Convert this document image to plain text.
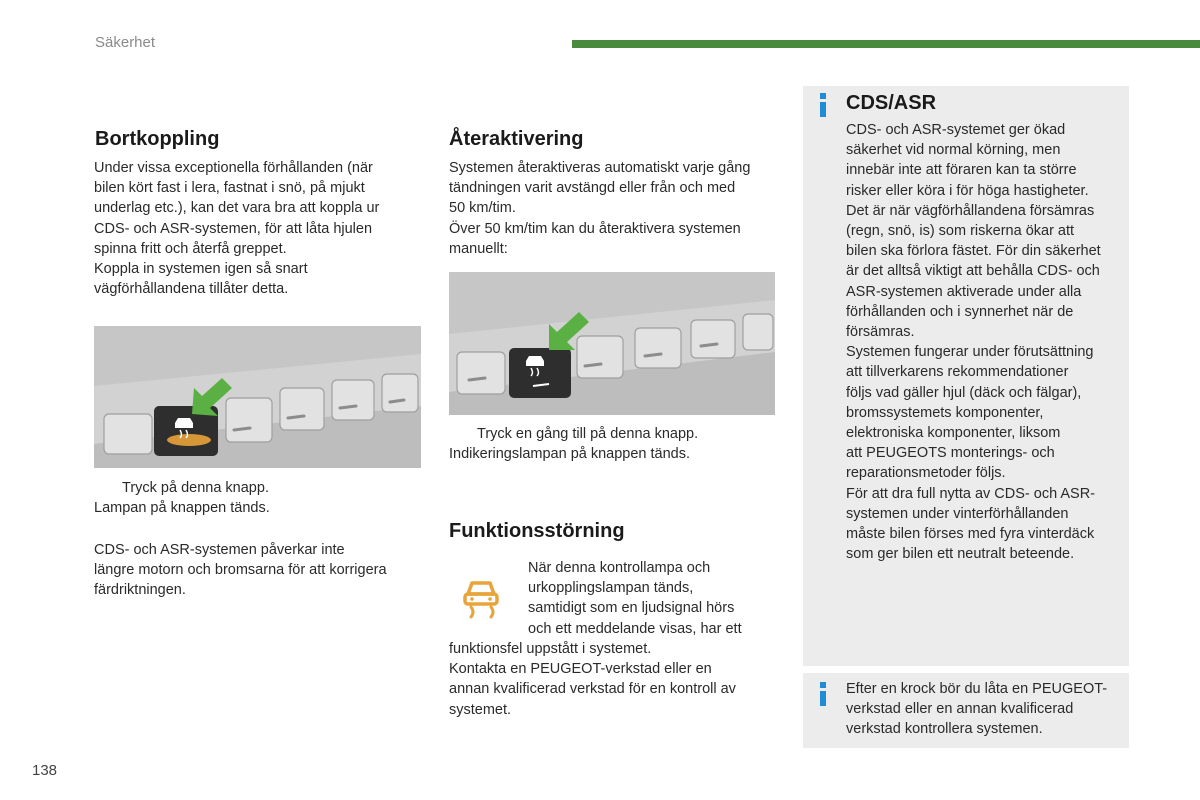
Säkerhet
Bortkoppling

Under vissa exceptionella förhållanden (när

bilen kört fast i lera, fastnat i snö, på mjukt

underlag etc.), kan det vara bra att koppla ur

CDS- och ASR-systemen, för att låta hjulen

spinna fritt och återfå greppet.

Koppla in systemen igen så snart

vägförhållandena tillåter detta.

Tryck på denna knapp.

Lampan på knappen tänds.

CDS- och ASR-systemen påverkar inte

längre motorn och bromsarna för att korrigera

färdriktningen.

Återaktivering

Systemen återaktiveras automatiskt varje gång

tändningen varit avstängd eller från och med

50 km/tim.

Över 50 km/tim kan du återaktivera systemen

manuellt:

Tryck en gång till på denna knapp.

Indikeringslampan på knappen tänds.

Funktionsstörning

När denna kontrollampa och

urkopplingslampan tänds,

samtidigt som en ljudsignal hörs

och ett meddelande visas, har ett

funktionsfel uppstått i systemet.

Kontakta en PEUGEOT-verkstad eller en

annan kvalificerad verkstad för en kontroll av

systemet.

CDS/ASR

CDS- och ASR-systemet ger ökad

säkerhet vid normal körning, men

innebär inte att föraren kan ta större

risker eller köra i för höga hastigheter.

Det är när vägförhållandena försämras

(regn, snö, is) som riskerna ökar att

bilen ska förlora fästet. För din säkerhet

är det alltså viktigt att behålla CDS- och

ASR-systemen aktiverade under alla

förhållanden och i synnerhet när de

försämras.

Systemen fungerar under förutsättning

att tillverkarens rekommendationer

följs vad gäller hjul (däck och fälgar),

bromssystemets komponenter,

elektroniska komponenter, liksom

att PEUGEOTS monterings- och

reparationsmetoder följs.

För att dra full nytta av CDS- och ASR-

systemen under vinterförhållanden

måste bilen förses med fyra vinterdäck

som ger bilen ett neutralt beteende.

Efter en krock bör du låta en PEUGEOT-

verkstad eller en annan kvalificerad

verkstad kontrollera systemen.

138
